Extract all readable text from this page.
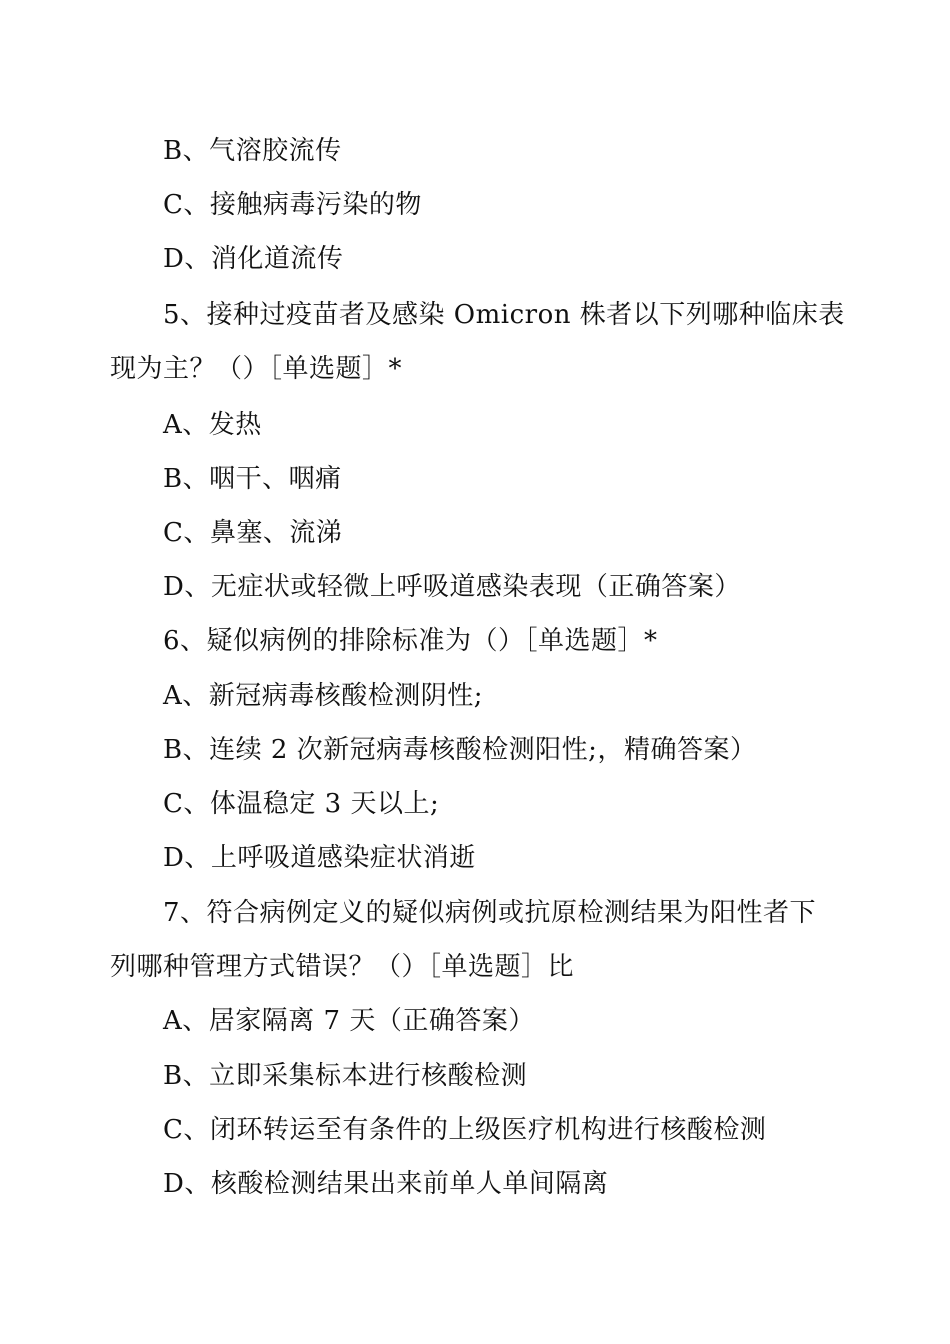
B、气溶胶流传
C、接触病毒污染的物
D、消化道流传
5、接种过疫苗者及感染 Omicron 株者以下列哪种临床表
现为主？（）［单选题］*
A、发热
B、咽干、咽痛
C、鼻塞、流涕
D、无症状或轻微上呼吸道感染表现（正确答案）
6、疑似病例的排除标准为（）［单选题］*
A、新冠病毒核酸检测阴性;
B、连续 2 次新冠病毒核酸检测阳性;，精确答案）
C、体温稳定 3 天以上;
D、上呼吸道感染症状消逝
7、符合病例定义的疑似病例或抗原检测结果为阳性者下
列哪种管理方式错误？（）［单选题］比
A、居家隔离 7 天（正确答案）
B、立即采集标本进行核酸检测
C、闭环转运至有条件的上级医疗机构进行核酸检测
D、核酸检测结果出来前单人单间隔离
